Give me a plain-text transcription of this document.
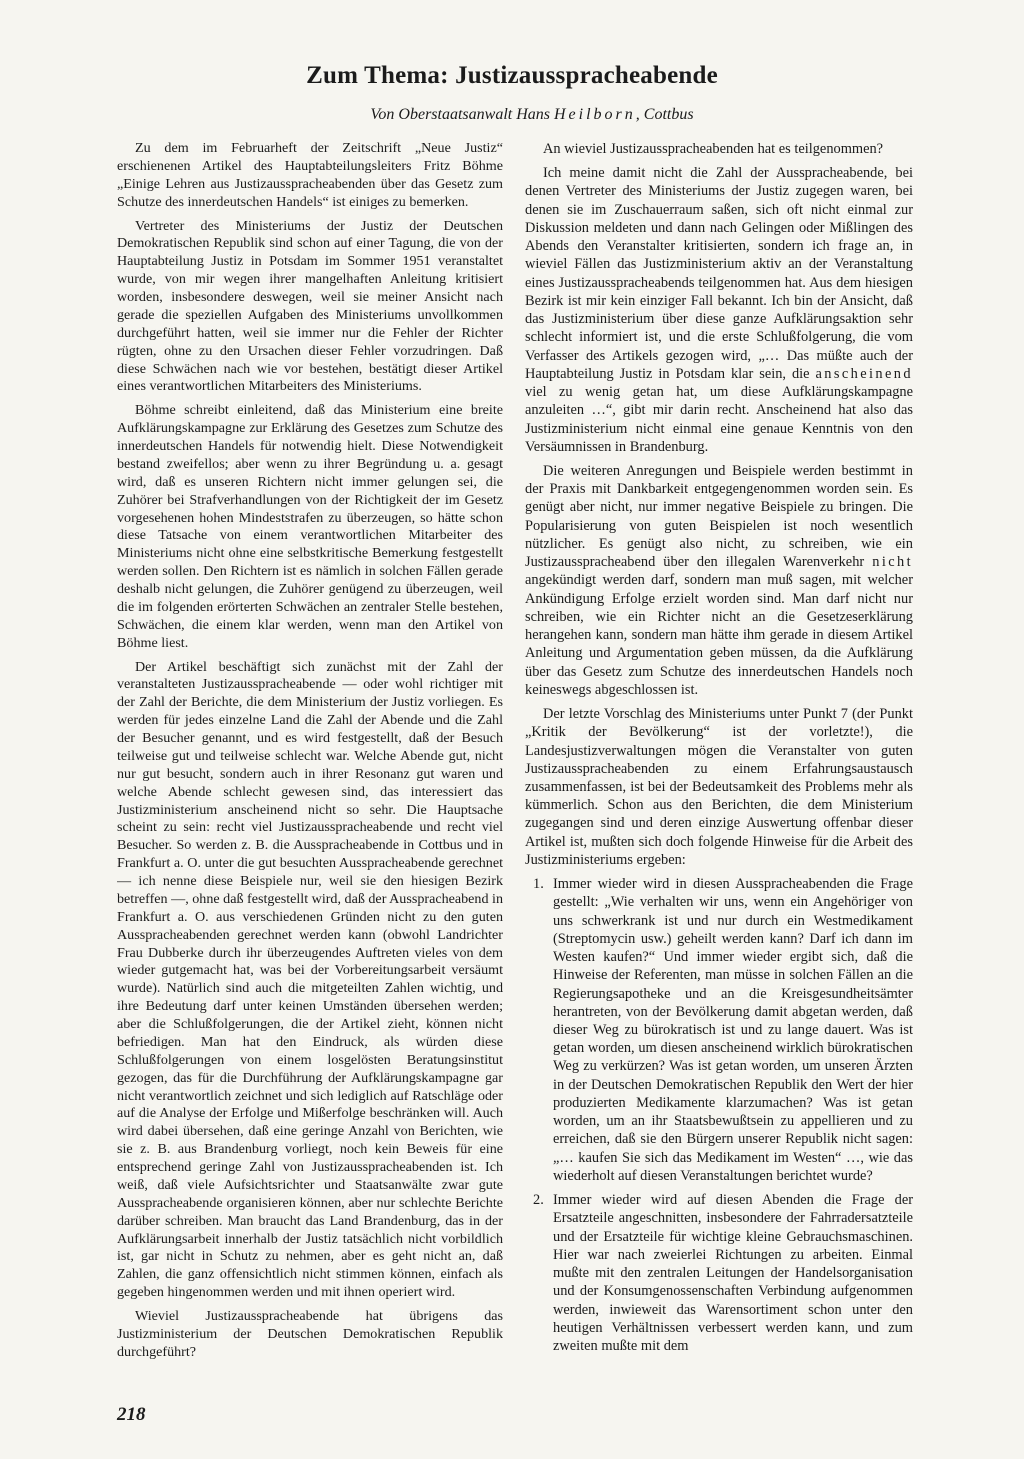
Zum Thema: Justizausspracheabende

Von Oberstaatsanwalt Hans Heilborn, Cottbus

Zu dem im Februarheft der Zeitschrift „Neue Justiz“ erschienenen Artikel des Hauptabteilungsleiters Fritz Böhme „Einige Lehren aus Justizausspracheabenden über das Gesetz zum Schutze des innerdeutschen Handels“ ist einiges zu bemerken.

Vertreter des Ministeriums der Justiz der Deutschen Demokratischen Republik sind schon auf einer Tagung, die von der Hauptabteilung Justiz in Potsdam im Sommer 1951 veranstaltet wurde, von mir wegen ihrer mangelhaften Anleitung kritisiert worden, insbesondere deswegen, weil sie meiner Ansicht nach gerade die speziellen Aufgaben des Ministeriums unvollkommen durchgeführt hatten, weil sie immer nur die Fehler der Richter rügten, ohne zu den Ursachen dieser Fehler vorzudringen. Daß diese Schwächen nach wie vor bestehen, bestätigt dieser Artikel eines verantwortlichen Mitarbeiters des Ministeriums.

Böhme schreibt einleitend, daß das Ministerium eine breite Aufklärungskampagne zur Erklärung des Gesetzes zum Schutze des innerdeutschen Handels für notwendig hielt. Diese Notwendigkeit bestand zweifellos; aber wenn zu ihrer Begründung u. a. gesagt wird, daß es unseren Richtern nicht immer gelungen sei, die Zuhörer bei Strafverhandlungen von der Richtigkeit der im Gesetz vorgesehenen hohen Mindeststrafen zu überzeugen, so hätte schon diese Tatsache von einem verantwortlichen Mitarbeiter des Ministeriums nicht ohne eine selbstkritische Bemerkung festgestellt werden sollen. Den Richtern ist es nämlich in solchen Fällen gerade deshalb nicht gelungen, die Zuhörer genügend zu überzeugen, weil die im folgenden erörterten Schwächen an zentraler Stelle bestehen, Schwächen, die einem klar werden, wenn man den Artikel von Böhme liest.

Der Artikel beschäftigt sich zunächst mit der Zahl der veranstalteten Justizausspracheabende — oder wohl richtiger mit der Zahl der Berichte, die dem Ministerium der Justiz vorliegen. Es werden für jedes einzelne Land die Zahl der Abende und die Zahl der Besucher genannt, und es wird festgestellt, daß der Besuch teilweise gut und teilweise schlecht war. Welche Abende gut, nicht nur gut besucht, sondern auch in ihrer Resonanz gut waren und welche Abende schlecht gewesen sind, das interessiert das Justizministerium anscheinend nicht so sehr. Die Hauptsache scheint zu sein: recht viel Justizausspracheabende und recht viel Besucher. So werden z. B. die Ausspracheabende in Cottbus und in Frankfurt a. O. unter die gut besuchten Ausspracheabende gerechnet — ich nenne diese Beispiele nur, weil sie den hiesigen Bezirk betreffen —, ohne daß festgestellt wird, daß der Ausspracheabend in Frankfurt a. O. aus verschiedenen Gründen nicht zu den guten Ausspracheabenden gerechnet werden kann (obwohl Landrichter Frau Dubberke durch ihr überzeugendes Auftreten vieles von dem wieder gutgemacht hat, was bei der Vorbereitungsarbeit versäumt wurde). Natürlich sind auch die mitgeteilten Zahlen wichtig, und ihre Bedeutung darf unter keinen Umständen übersehen werden; aber die Schlußfolgerungen, die der Artikel zieht, können nicht befriedigen. Man hat den Eindruck, als würden diese Schlußfolgerungen von einem losgelösten Beratungsinstitut gezogen, das für die Durchführung der Aufklärungskampagne gar nicht verantwortlich zeichnet und sich lediglich auf Ratschläge oder auf die Analyse der Erfolge und Mißerfolge beschränken will. Auch wird dabei übersehen, daß eine geringe Anzahl von Berichten, wie sie z. B. aus Brandenburg vorliegt, noch kein Beweis für eine entsprechend geringe Zahl von Justizausspracheabenden ist. Ich weiß, daß viele Aufsichtsrichter und Staatsanwälte zwar gute Ausspracheabende organisieren können, aber nur schlechte Berichte darüber schreiben. Man braucht das Land Brandenburg, das in der Aufklärungsarbeit innerhalb der Justiz tatsächlich nicht vorbildlich ist, gar nicht in Schutz zu nehmen, aber es geht nicht an, daß Zahlen, die ganz offensichtlich nicht stimmen können, einfach als gegeben hingenommen werden und mit ihnen operiert wird.

Wieviel Justizausspracheabende hat übrigens das Justizministerium der Deutschen Demokratischen Republik durchgeführt?

An wieviel Justizausspracheabenden hat es teilgenommen?

Ich meine damit nicht die Zahl der Ausspracheabende, bei denen Vertreter des Ministeriums der Justiz zugegen waren, bei denen sie im Zuschauerraum saßen, sich oft nicht einmal zur Diskussion meldeten und dann nach Gelingen oder Mißlingen des Abends den Veranstalter kritisierten, sondern ich frage an, in wieviel Fällen das Justizministerium aktiv an der Veranstaltung eines Justizausspracheabends teilgenommen hat. Aus dem hiesigen Bezirk ist mir kein einziger Fall bekannt. Ich bin der Ansicht, daß das Justizministerium über diese ganze Aufklärungsaktion sehr schlecht informiert ist, und die erste Schlußfolgerung, die vom Verfasser des Artikels gezogen wird, „… Das müßte auch der Hauptabteilung Justiz in Potsdam klar sein, die anscheinend viel zu wenig getan hat, um diese Aufklärungskampagne anzuleiten …“, gibt mir darin recht. Anscheinend hat also das Justizministerium nicht einmal eine genaue Kenntnis von den Versäumnissen in Brandenburg.

Die weiteren Anregungen und Beispiele werden bestimmt in der Praxis mit Dankbarkeit entgegengenommen worden sein. Es genügt aber nicht, nur immer negative Beispiele zu bringen. Die Popularisierung von guten Beispielen ist noch wesentlich nützlicher. Es genügt also nicht, zu schreiben, wie ein Justizausspracheabend über den illegalen Warenverkehr nicht angekündigt werden darf, sondern man muß sagen, mit welcher Ankündigung Erfolge erzielt worden sind. Man darf nicht nur schreiben, wie ein Richter nicht an die Gesetzeserklärung herangehen kann, sondern man hätte ihm gerade in diesem Artikel Anleitung und Argumentation geben müssen, da die Aufklärung über das Gesetz zum Schutze des innerdeutschen Handels noch keineswegs abgeschlossen ist.

Der letzte Vorschlag des Ministeriums unter Punkt 7 (der Punkt „Kritik der Bevölkerung“ ist der vorletzte!), die Landesjustizverwaltungen mögen die Veranstalter von guten Justizausspracheabenden zu einem Erfahrungsaustausch zusammenfassen, ist bei der Bedeutsamkeit des Problems mehr als kümmerlich. Schon aus den Berichten, die dem Ministerium zugegangen sind und deren einzige Auswertung offenbar dieser Artikel ist, mußten sich doch folgende Hinweise für die Arbeit des Justizministeriums ergeben:

1. Immer wieder wird in diesen Ausspracheabenden die Frage gestellt: „Wie verhalten wir uns, wenn ein Angehöriger von uns schwerkrank ist und nur durch ein Westmedikament (Streptomycin usw.) geheilt werden kann? Darf ich dann im Westen kaufen?“ Und immer wieder ergibt sich, daß die Hinweise der Referenten, man müsse in solchen Fällen an die Regierungsapotheke und an die Kreisgesundheitsämter herantreten, von der Bevölkerung damit abgetan werden, daß dieser Weg zu bürokratisch ist und zu lange dauert. Was ist getan worden, um diesen anscheinend wirklich bürokratischen Weg zu verkürzen? Was ist getan worden, um unseren Ärzten in der Deutschen Demokratischen Republik den Wert der hier produzierten Medikamente klarzumachen? Was ist getan worden, um an ihr Staatsbewußtsein zu appellieren und zu erreichen, daß sie den Bürgern unserer Republik nicht sagen: „… kaufen Sie sich das Medikament im Westen“ …, wie das wiederholt auf diesen Veranstaltungen berichtet wurde?
2. Immer wieder wird auf diesen Abenden die Frage der Ersatzteile angeschnitten, insbesondere der Fahrradersatzteile und der Ersatzteile für wichtige kleine Gebrauchsmaschinen. Hier war nach zweierlei Richtungen zu arbeiten. Einmal mußte mit den zentralen Leitungen der Handelsorganisation und der Konsumgenossenschaften Verbindung aufgenommen werden, inwieweit das Warensortiment schon unter den heutigen Verhältnissen verbessert werden kann, und zum zweiten mußte mit dem

218
